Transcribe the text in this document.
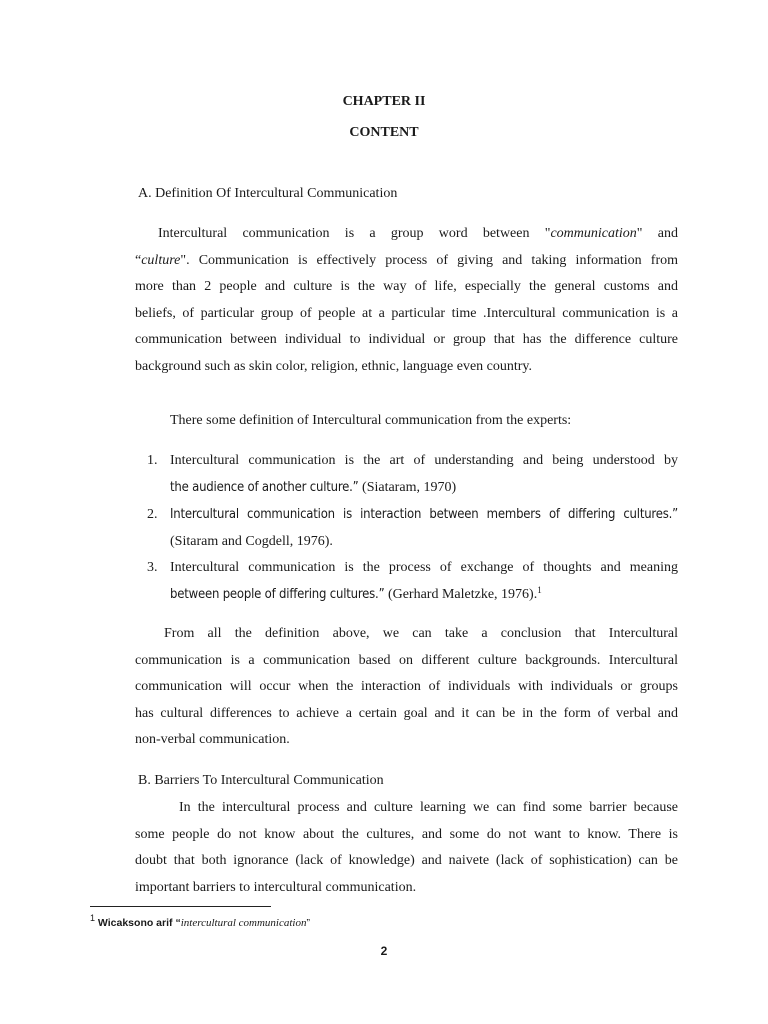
CHAPTER II

CONTENT

A. Definition Of Intercultural Communication

Intercultural communication is a group word between "communication" and
“culture". Communication is effectively process of giving and taking information from
more than 2 people and culture is the way of life, especially the general customs and
beliefs, of particular group of people at a particular time .Intercultural communication is a
communication between individual to individual or group that has the difference culture
background such as skin color, religion, ethnic, language even country.

There some definition of Intercultural communication from the experts:

1. Intercultural communication is the art of understanding and being understood by
the audience of another culture.” (Siataram, 1970)
2. Intercultural communication is interaction between members of differing cultures.”
(Sitaram and Cogdell, 1976).
3. Intercultural communication is the process of exchange of thoughts and meaning
between people of differing cultures.” (Gerhard Maletzke, 1976).$^1$
From all the definition above, we can take a conclusion that Intercultural
communication is a communication based on different culture backgrounds. Intercultural
communication will occur when the interaction of individuals with individuals or groups
has cultural differences to achieve a certain goal and it can be in the form of verbal and
non-verbal communication.

B. Barriers To Intercultural Communication

In the intercultural process and culture learning we can find some barrier because
some people do not know about the cultures, and some do not want to know. There is
doubt that both ignorance (lack of knowledge) and naivete (lack of sophistication) can be
important barriers to intercultural communication.

$^1$ Wicaksono arif “intercultural communication”

2
